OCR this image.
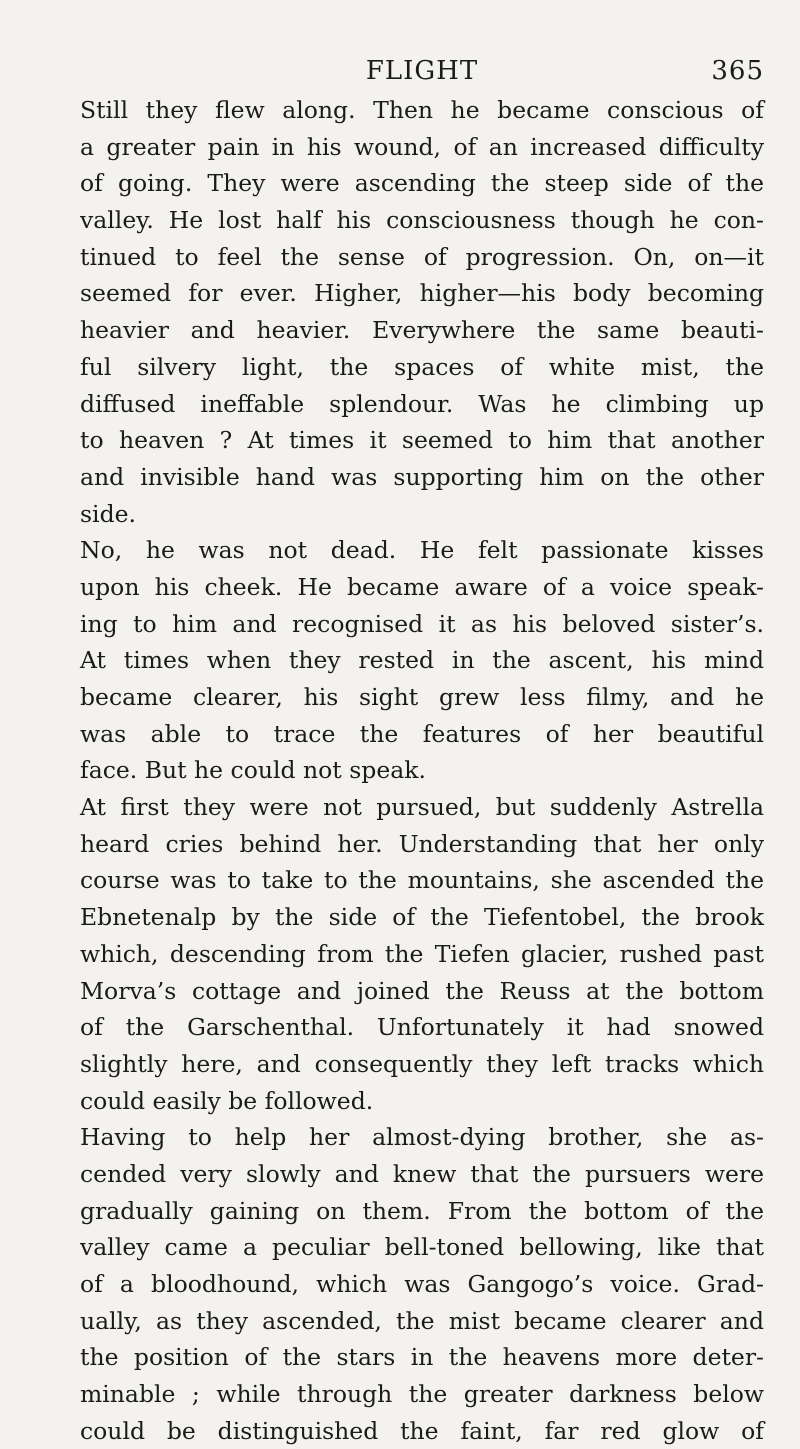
FLIGHT	365
Still they flew along. Then he became conscious of
a greater pain in his wound, of an increased difficulty
of going. They were ascending the steep side of the
valley. He lost half his consciousness though he con-
tinued to feel the sense of progression. On, on—it
seemed for ever. Higher, higher—his body becoming
heavier and heavier. Everywhere the same beauti-
ful silvery light, the spaces of white mist, the
diffused ineffable splendour. Was he climbing up
to heaven ? At times it seemed to him that another
and invisible hand was supporting him on the other
side.
No, he was not dead. He felt passionate kisses
upon his cheek. He became aware of a voice speak-
ing to him and recognised it as his beloved sister’s.
At times when they rested in the ascent, his mind
became clearer, his sight grew less filmy, and he
was able to trace the features of her beautiful
face. But he could not speak.
At first they were not pursued, but suddenly Astrella
heard cries behind her. Understanding that her only
course was to take to the mountains, she ascended the
Ebnetenalp by the side of the Tiefentobel, the brook
which, descending from the Tiefen glacier, rushed past
Morva’s cottage and joined the Reuss at the bottom
of the Garschenthal. Unfortunately it had snowed
slightly here, and consequently they left tracks which
could easily be followed.
Having to help her almost-dying brother, she as-
cended very slowly and knew that the pursuers were
gradually gaining on them. From the bottom of the
valley came a peculiar bell-toned bellowing, like that
of a bloodhound, which was Gangogo’s voice. Grad-
ually, as they ascended, the mist became clearer and
the position of the stars in the heavens more deter-
minable ; while through the greater darkness below
could be distinguished the faint, far red glow of
